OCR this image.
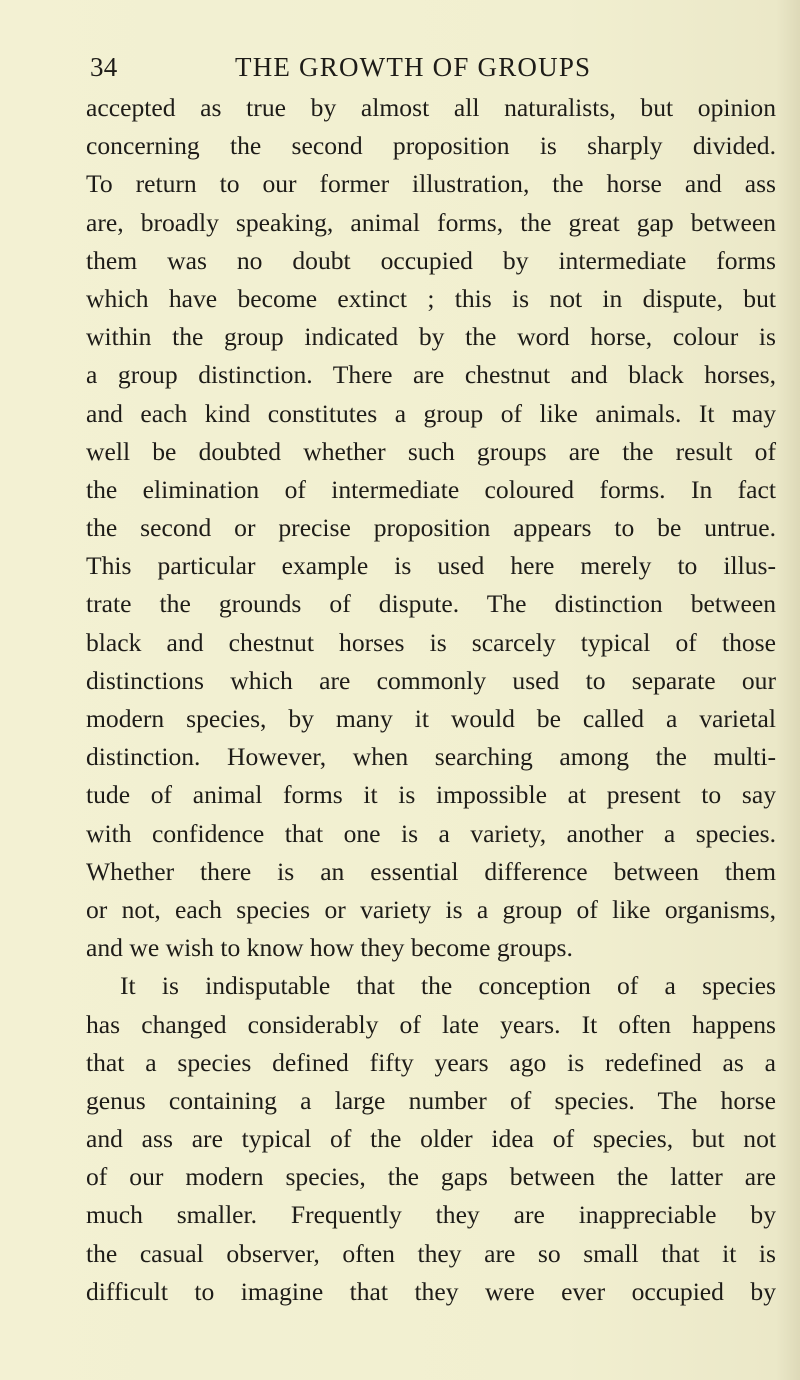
34	THE GROWTH OF GROUPS
accepted as true by almost all naturalists, but opinion
concerning the second proposition is sharply divided.
To return to our former illustration, the horse and ass
are, broadly speaking, animal forms, the great gap between
them was no doubt occupied by intermediate forms
which have become extinct ; this is not in dispute, but
within the group indicated by the word horse, colour is
a group distinction. There are chestnut and black horses,
and each kind constitutes a group of like animals. It may
well be doubted whether such groups are the result of
the elimination of intermediate coloured forms. In fact
the second or precise proposition appears to be untrue.
This particular example is used here merely to illus-
trate the grounds of dispute. The distinction between
black and chestnut horses is scarcely typical of those
distinctions which are commonly used to separate our
modern species, by many it would be called a varietal
distinction. However, when searching among the multi-
tude of animal forms it is impossible at present to say
with confidence that one is a variety, another a species.
Whether there is an essential difference between them
or not, each species or variety is a group of like organisms,
and we wish to know how they become groups.
It is indisputable that the conception of a species
has changed considerably of late years. It often happens
that a species defined fifty years ago is redefined as a
genus containing a large number of species. The horse
and ass are typical of the older idea of species, but not
of our modern species, the gaps between the latter are
much smaller. Frequently they are inappreciable by
the casual observer, often they are so small that it is
difficult to imagine that they were ever occupied by
